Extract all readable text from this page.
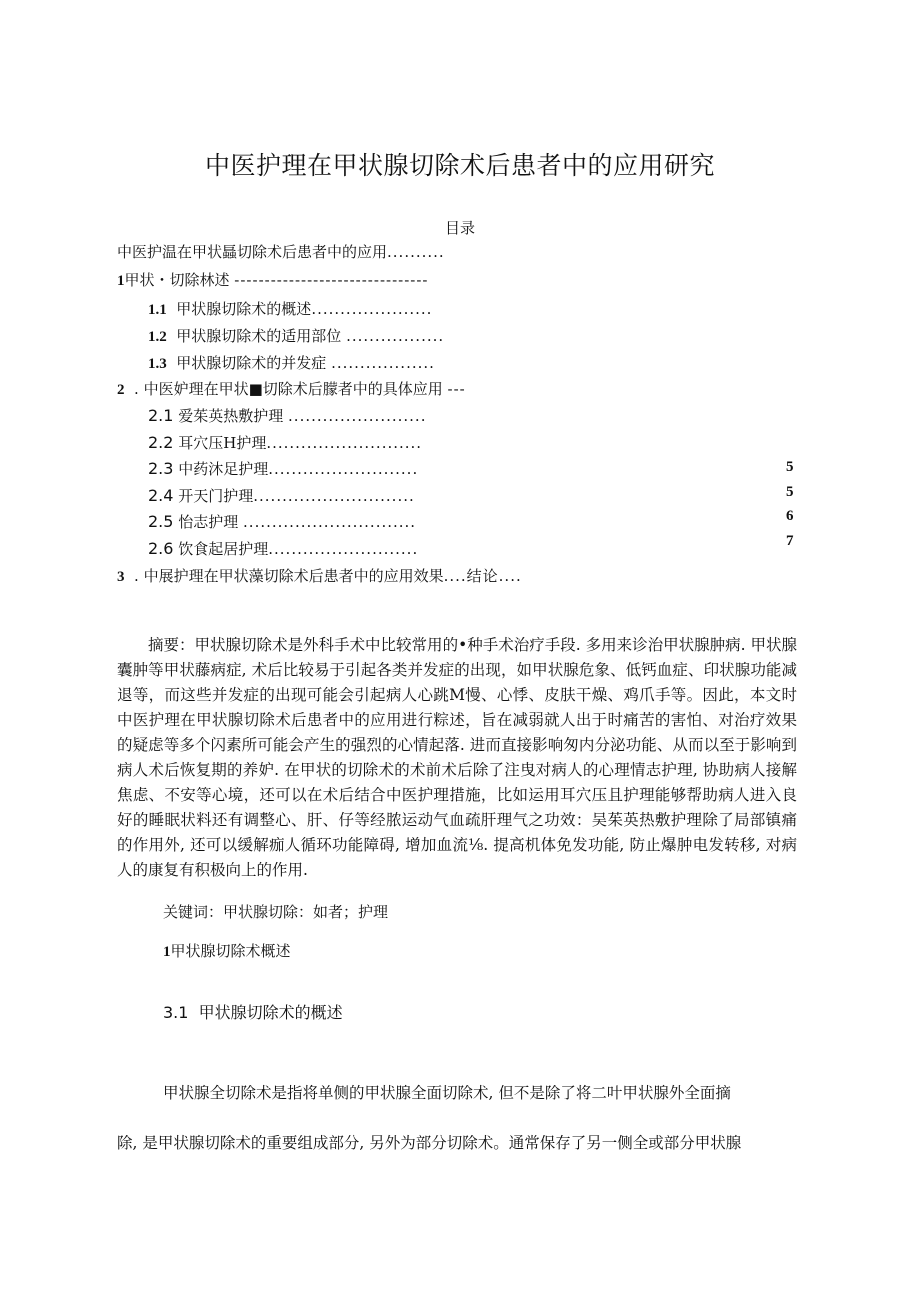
中医护理在甲状腺切除术后患者中的应用研究
目录
中医护温在甲状螶切除术后患者中的应用..........
1甲状・切除林述 --------------------------------
1.1 甲状腺切除术的概述.....................
1.2 甲状腺切除术的适用部位 .................
1.3 甲状腺切除术的并发症 ..................
2 . 中医妒理在甲状■切除术后朦者中的具体应用 ---
2.1 爱茱英热敷护理 ........................
2.2 耳穴压H护理...........................
2.3 中药沐足护理..........................
2.4 开天门护理............................
2.5 怡志护理 ..............................
2.6 饮食起居护理..........................
3 . 中展护理在甲状藻切除术后患者中的应用效果....结论....
5
5
6
7
摘要：甲状腺切除术是外科手术中比较常用的•种手术治疗手段. 多用来诊治甲状腺肿病. 甲状腺囊肿等甲状藤病症, 术后比较易于引起各类并发症的出现，如甲状腺危象、低钙血症、印状腺功能减退等，而这些并发症的出现可能会引起病人心跳M慢、心悸、皮肤干燥、鸡爪手等。因此，本文时中医护理在甲状腺切除术后患者中的应用进行粽述，旨在减弱就人出于时痛苦的害怕、对治疗效果的疑虑等多个闪素所可能会产生的强烈的心情起落. 进而直接影响匆内分泌功能、从而以至于影响到病人术后恢复期的养妒. 在甲状的切除术的术前术后除了注曳对病人的心理情志护理, 协助病人接解焦虑、不安等心境，还可以在术后结合中医护理措施，比如运用耳穴压且护理能够帮助病人进入良好的睡眠状料还有调整心、肝、仔等经脓运动气血疏肝理气之功效：吴茱英热敷护理除了局部镇痛的作用外, 还可以缓解痂人循环功能障碍, 增加血流⅛. 提高机体免发功能, 防止爆肿电发转移, 对病人的康复有积极向上的作用.
关键词：甲状腺切除：如者；护理
1甲状腺切除术概述
3.1 甲状腺切除术的概述
甲状腺全切除术是指将单侧的甲状腺全面切除术, 但不是除了将二叶甲状腺外全面摘
除, 是甲状腺切除术的重要组成部分, 另外为部分切除术。通常保存了另一侧全或部分甲状腺
